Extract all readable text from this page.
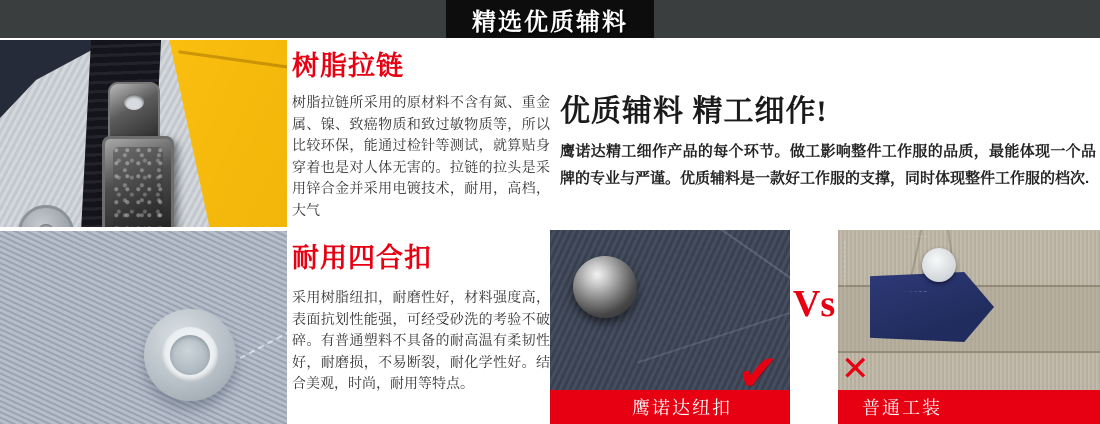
精选优质辅料
树脂拉链
树脂拉链所采用的原材料不含有氮、重金属、镍、致癌物质和致过敏物质等，所以比较环保，能通过检针等测试，就算贴身穿着也是对人体无害的。拉链的拉头是采用锌合金并采用电镀技术，耐用，高档，大气
耐用四合扣
采用树脂纽扣，耐磨性好，材料强度高，表面抗划性能强，可经受砂洗的考验不破碎。有普通塑料不具备的耐高温有柔韧性好，耐磨损，不易断裂，耐化学性好。结合美观，时尚，耐用等特点。
优质辅料 精工细作!
鹰诺达精工细作产品的每个环节。做工影响整件工作服的品质，最能体现一个品牌的专业与严谨。优质辅料是一款好工作服的支撑，同时体现整件工作服的档次.
Vs
鹰诺达纽扣	普通工装
✔ ✕
